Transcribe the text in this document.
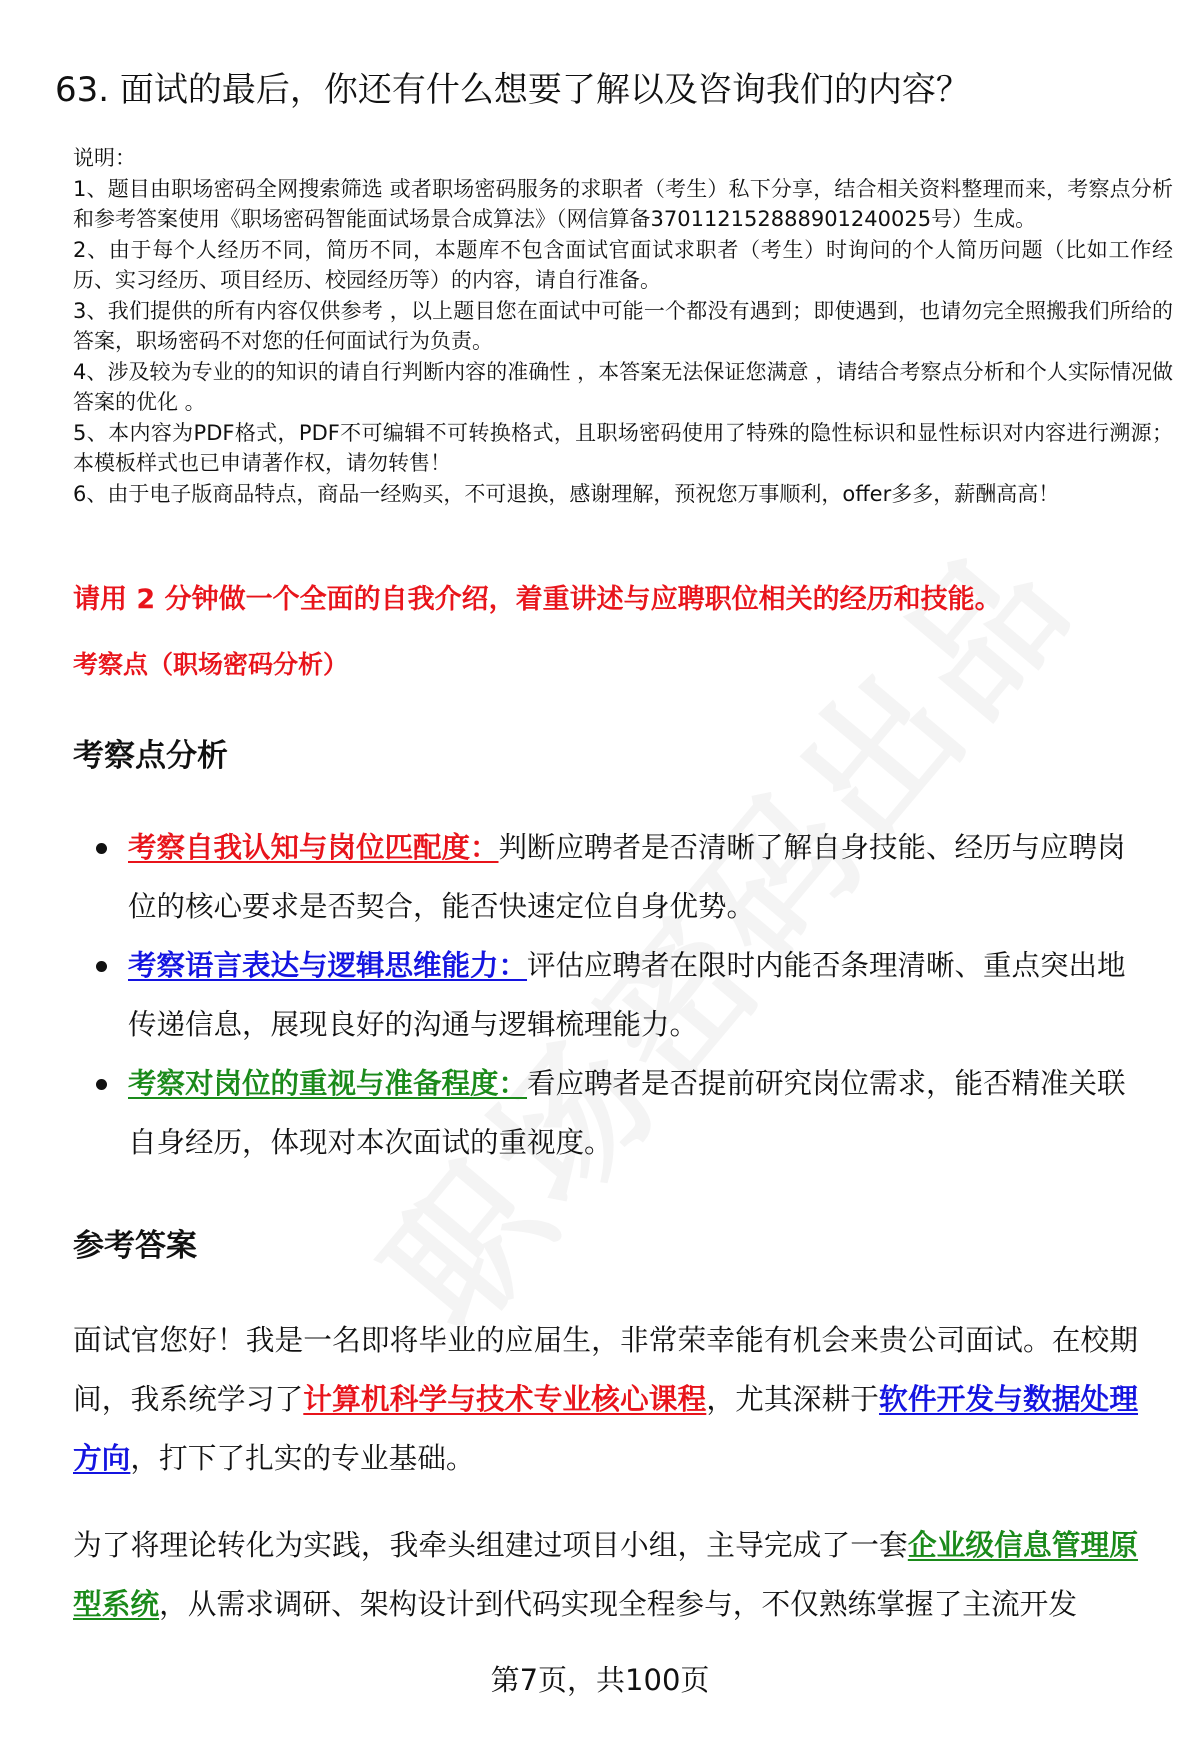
63. 面试的最后，你还有什么想要了解以及咨询我们的内容？

说明：

1、题目由职场密码全网搜索筛选 或者职场密码服务的求职者（考生）私下分享，结合相关资料整理而来，考察点分析和参考答案使用《职场密码智能面试场景合成算法》（网信算备370112152888901240025号）生成。

2、由于每个人经历不同，简历不同，本题库不包含面试官面试求职者（考生）时询问的个人简历问题（比如工作经历、实习经历、项目经历、校园经历等）的内容，请自行准备。

3、我们提供的所有内容仅供参考 ，以上题目您在面试中可能一个都没有遇到；即使遇到，也请勿完全照搬我们所给的答案，职场密码不对您的任何面试行为负责。

4、涉及较为专业的的知识的请自行判断内容的准确性 ，本答案无法保证您满意 ，请结合考察点分析和个人实际情况做答案的优化 。

5、本内容为PDF格式，PDF不可编辑不可转换格式，且职场密码使用了特殊的隐性标识和显性标识对内容进行溯源；本模板样式也已申请著作权，请勿转售！

6、由于电子版商品特点，商品一经购买，不可退换，感谢理解，预祝您万事顺利，offer多多，薪酬高高！

请用 2 分钟做一个全面的自我介绍，着重讲述与应聘职位相关的经历和技能。
考察点（职场密码分析）
考察点分析
考察自我认知与岗位匹配度：判断应聘者是否清晰了解自身技能、经历与应聘岗位的核心要求是否契合，能否快速定位自身优势。
考察语言表达与逻辑思维能力：评估应聘者在限时内能否条理清晰、重点突出地传递信息，展现良好的沟通与逻辑梳理能力。
考察对岗位的重视与准备程度：看应聘者是否提前研究岗位需求，能否精准关联自身经历，体现对本次面试的重视度。
参考答案

面试官您好！我是一名即将毕业的应届生，非常荣幸能有机会来贵公司面试。在校期间，我系统学习了计算机科学与技术专业核心课程，尤其深耕于软件开发与数据处理方向，打下了扎实的专业基础。

为了将理论转化为实践，我牵头组建过项目小组，主导完成了一套企业级信息管理原型系统，从需求调研、架构设计到代码实现全程参与，不仅熟练掌握了主流开发

第7页，共100页
